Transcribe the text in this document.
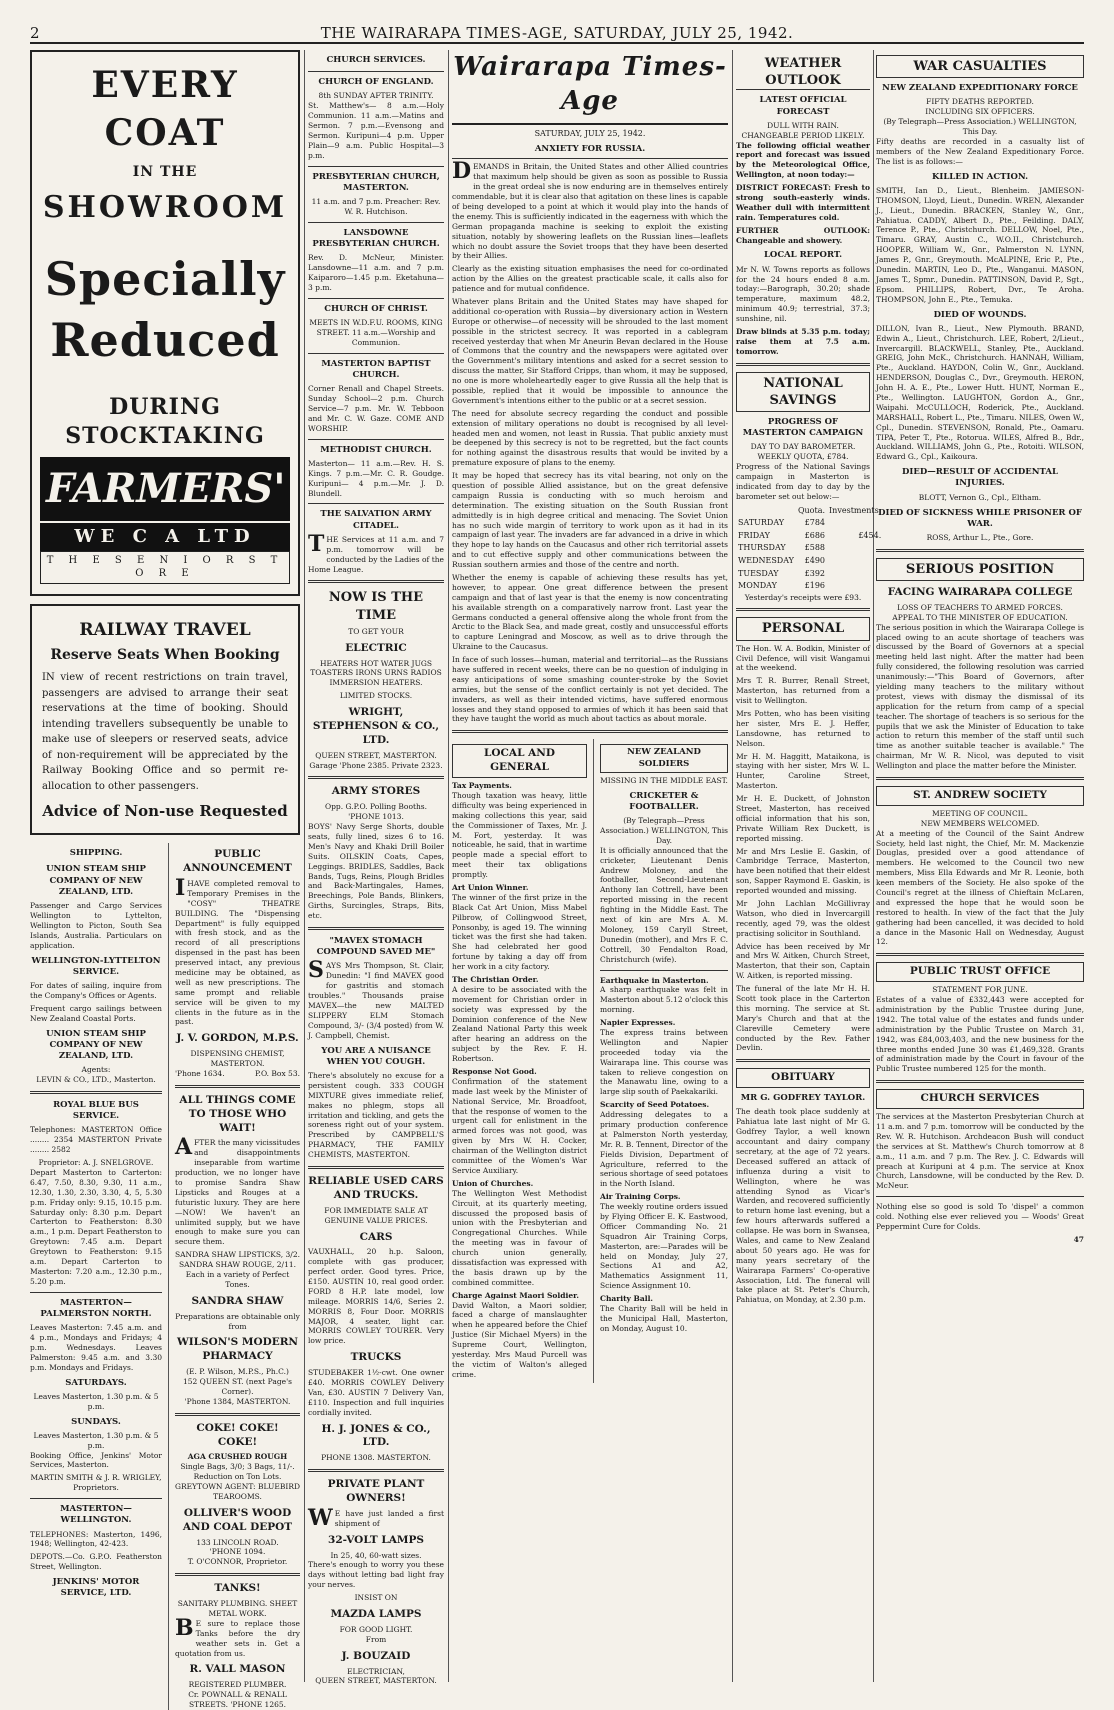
2	THE WAIRARAPA TIMES-AGE, SATURDAY, JULY 25, 1942.
EVERY COAT
IN THE
SHOWROOM
Specially
Reduced
DURING
STOCKTAKING
FARMERS'
WE C A LTD
T H E S E N I O R S T O R E
RAILWAY TRAVEL
Reserve Seats When Booking
IN view of recent restrictions on train travel, passengers are advised to arrange their seat reservations at the time of booking. Should intending travellers subsequently be unable to make use of sleepers or reserved seats, advice of non-requirement will be appreciated by the Railway Booking Office and so permit re-allocation to other passengers.
Advice of Non-use Requested
SHIPPING.
UNION STEAM SHIP COMPANY OF NEW ZEALAND, LTD.
Passenger and Cargo Services Wellington to Lyttelton, Wellington to Picton, South Sea Islands, Australia. Particulars on application.
WELLINGTON-LYTTELTON SERVICE.
For dates of sailing, inquire from the Company's Offices or Agents.
Frequent cargo sailings between New Zealand Coastal Ports.
UNION STEAM SHIP COMPANY OF NEW ZEALAND, LTD.
Agents:
LEVIN & CO., LTD., Masterton.
ROYAL BLUE BUS SERVICE.
Telephones: MASTERTON Office ........ 2354 MASTERTON Private ........ 2582
Proprietor: A. J. SNELGROVE.
Depart Masterton to Carterton: 6.47, 7.50, 8.30, 9.30, 11 a.m., 12.30, 1.30, 2.30, 3.30, 4, 5, 5.30 p.m. Friday only: 9.15, 10.15 p.m. Saturday only: 8.30 p.m. Depart Carterton to Featherston: 8.30 a.m., 1 p.m. Depart Featherston to Greytown: 7.45 a.m. Depart Greytown to Featherston: 9.15 a.m. Depart Carterton to Masterton: 7.20 a.m., 12.30 p.m., 5.20 p.m.
MASTERTON—PALMERSTON NORTH.
Leaves Masterton: 7.45 a.m. and 4 p.m., Mondays and Fridays; 4 p.m. Wednesdays. Leaves Palmerston: 9.45 a.m. and 3.30 p.m. Mondays and Fridays.
SATURDAYS.
Leaves Masterton, 1.30 p.m. & 5 p.m.
SUNDAYS.
Leaves Masterton, 1.30 p.m. & 5 p.m.
Booking Office, Jenkins' Motor Services, Masterton.
MARTIN SMITH & J. R. WRIGLEY, Proprietors.
MASTERTON—WELLINGTON.
TELEPHONES: Masterton, 1496, 1948; Wellington, 42-423.
DEPOTS.—Co. G.P.O. Featherston Street, Wellington.
JENKINS' MOTOR SERVICE, LTD.
PUBLIC ANNOUNCEMENT
IHAVE completed removal to Temporary Premises in the "COSY" THEATRE BUILDING. The "Dispensing Department" is fully equipped with fresh stock, and as the record of all prescriptions dispensed in the past has been preserved intact, any previous medicine may be obtained, as well as new prescriptions. The same prompt and reliable service will be given to my clients in the future as in the past.
J. V. GORDON, M.P.S.
DISPENSING CHEMIST, MASTERTON.
'Phone 1634.	P.O. Box 53.
ALL THINGS COME TO THOSE WHO WAIT!
AFTER the many vicissitudes and disappointments inseparable from wartime production, we no longer have to promise Sandra Shaw Lipsticks and Rouges at a futuristic luxury. They are here—NOW! We haven't an unlimited supply, but we have enough to make sure you can secure them.
SANDRA SHAW LIPSTICKS, 3/2.
SANDRA SHAW ROUGE, 2/11.
Each in a variety of Perfect Tones.
SANDRA SHAW
Preparations are obtainable only from
WILSON'S MODERN PHARMACY
(E. P. Wilson, M.P.S., Ph.C.)
152 QUEEN ST. (next Page's Corner).
'Phone 1384, MASTERTON.
COKE! COKE! COKE!
AGA CRUSHED ROUGH
Single Bags, 3/0; 3 Bags, 11/-.
Reduction on Ton Lots.
GREYTOWN AGENT: BLUEBIRD TEAROOMS.
OLLIVER'S WOOD AND COAL DEPOT
133 LINCOLN ROAD.
'PHONE 1094.
T. O'CONNOR, Proprietor.
TANKS!
SANITARY PLUMBING. SHEET METAL WORK.
BE sure to replace those Tanks before the dry weather sets in. Get a quotation from us.
R. VALL MASON
REGISTERED PLUMBER.
Cr. POWNALL & RENALL STREETS. 'PHONE 1265.
CHURCH SERVICES.
CHURCH OF ENGLAND.
8th SUNDAY AFTER TRINITY.
St. Matthew's— 8 a.m.—Holy Communion. 11 a.m.—Matins and Sermon. 7 p.m.—Evensong and Sermon. Kuripuni—4 p.m. Upper Plain—9 a.m. Public Hospital—3 p.m.
PRESBYTERIAN CHURCH, MASTERTON.
11 a.m. and 7 p.m. Preacher: Rev. W. R. Hutchison.
LANSDOWNE PRESBYTERIAN CHURCH.
Rev. D. McNeur, Minister. Lansdowne—11 a.m. and 7 p.m. Kaiparoro—1.45 p.m. Eketahuna—3 p.m.
CHURCH OF CHRIST.
MEETS IN W.D.F.U. ROOMS, KING STREET. 11 a.m.—Worship and Communion.
MASTERTON BAPTIST CHURCH.
Corner Renall and Chapel Streets. Sunday School—2 p.m. Church Service—7 p.m. Mr. W. Tebboon and Mr. C. W. Gaze. COME AND WORSHIP.
METHODIST CHURCH.
Masterton— 11 a.m.—Rev. H. S. Kings. 7 p.m.—Mr. C. R. Goudge. Kuripuni— 4 p.m.—Mr. J. D. Blundell.
THE SALVATION ARMY CITADEL.
THE Services at 11 a.m. and 7 p.m. tomorrow will be conducted by the Ladies of the Home League.
NOW IS THE TIME
TO GET YOUR
ELECTRIC
HEATERS HOT WATER JUGS TOASTERS IRONS URNS RADIOS IMMERSION HEATERS.
LIMITED STOCKS.
WRIGHT, STEPHENSON & CO., LTD.
QUEEN STREET, MASTERTON. Garage 'Phone 2385. Private 2323.
ARMY STORES
Opp. G.P.O. Polling Booths. 'PHONE 1013.
BOYS' Navy Serge Shorts, double seats, fully lined, sizes 6 to 16. Men's Navy and Khaki Drill Boiler Suits. OILSKIN Coats, Capes, Leggings. BRIDLES, Saddles, Back Bands, Tugs, Reins, Plough Bridles and Back-Martingales, Hames, Breechings, Pole Bands, Blinkers, Girths, Surcingles, Straps, Bits, etc.
"MAVEX STOMACH COMPOUND SAVED ME"
SAYS Mrs Thompson, St. Clair, Dunedin: "I find MAVEX good for gastritis and stomach troubles." Thousands praise MAVEX—the new MALTED SLIPPERY ELM Stomach Compound, 3/- (3/4 posted) from W. J. Campbell, Chemist.
YOU ARE A NUISANCE WHEN YOU COUGH.
There's absolutely no excuse for a persistent cough. 333 COUGH MIXTURE gives immediate relief, makes no phlegm, stops all irritation and tickling, and gets the soreness right out of your system. Prescribed by CAMPBELL'S PHARMACY, THE FAMILY CHEMISTS, MASTERTON.
RELIABLE USED CARS AND TRUCKS.
FOR IMMEDIATE SALE AT GENUINE VALUE PRICES.
CARS
VAUXHALL, 20 h.p. Saloon, complete with gas producer, perfect order. Good tyres. Price, £150. AUSTIN 10, real good order. FORD 8 H.P. late model, low mileage. MORRIS 14/6, Series 2. MORRIS 8, Four Door. MORRIS MAJOR, 4 seater, light car. MORRIS COWLEY TOURER. Very low price.
TRUCKS
STUDEBAKER 1½-cwt. One owner £40. MORRIS COWLEY Delivery Van, £30. AUSTIN 7 Delivery Van, £110. Inspection and full inquiries cordially invited.
H. J. JONES & CO., LTD.
PHONE 1308. MASTERTON.
PRIVATE PLANT OWNERS!
WE have just landed a first shipment of
32-VOLT LAMPS
In 25, 40, 60-watt sizes.
There's enough to worry you these days without letting bad light fray your nerves.
INSIST ON
MAZDA LAMPS
FOR GOOD LIGHT.
From
J. BOUZAID
ELECTRICIAN,
QUEEN STREET, MASTERTON.
Wairarapa Times-Age
SATURDAY, JULY 25, 1942.
ANXIETY FOR RUSSIA.

DEMANDS in Britain, the United States and other Allied countries that maximum help should be given as soon as possible to Russia in the great ordeal she is now enduring are in themselves entirely commendable, but it is clear also that agitation on these lines is capable of being developed to a point at which it would play into the hands of the enemy. This is sufficiently indicated in the eagerness with which the German propaganda machine is seeking to exploit the existing situation, notably by showering leaflets on the Russian lines—leaflets which no doubt assure the Soviet troops that they have been deserted by their Allies.

Clearly as the existing situation emphasises the need for co-ordinated action by the Allies on the greatest practicable scale, it calls also for patience and for mutual confidence.

Whatever plans Britain and the United States may have shaped for additional co-operation with Russia—by diversionary action in Western Europe or otherwise—of necessity will be shrouded to the last moment possible in the strictest secrecy. It was reported in a cablegram received yesterday that when Mr Aneurin Bevan declared in the House of Commons that the country and the newspapers were agitated over the Government's military intentions and asked for a secret session to discuss the matter, Sir Stafford Cripps, than whom, it may be supposed, no one is more wholeheartedly eager to give Russia all the help that is possible, replied that it would be impossible to announce the Government's intentions either to the public or at a secret session.

The need for absolute secrecy regarding the conduct and possible extension of military operations no doubt is recognised by all level-headed men and women, not least in Russia. That public anxiety must be deepened by this secrecy is not to be regretted, but the fact counts for nothing against the disastrous results that would be invited by a premature exposure of plans to the enemy.

It may be hoped that secrecy has its vital bearing, not only on the question of possible Allied assistance, but on the great defensive campaign Russia is conducting with so much heroism and determination. The existing situation on the South Russian front admittedly is in high degree critical and menacing. The Soviet Union has no such wide margin of territory to work upon as it had in its campaign of last year. The invaders are far advanced in a drive in which they hope to lay hands on the Caucasus and other rich territorial assets and to cut effective supply and other communications between the Russian southern armies and those of the centre and north.

Whether the enemy is capable of achieving these results has yet, however, to appear. One great difference between the present campaign and that of last year is that the enemy is now concentrating his available strength on a comparatively narrow front. Last year the Germans conducted a general offensive along the whole front from the Arctic to the Black Sea, and made great, costly and unsuccessful efforts to capture Leningrad and Moscow, as well as to drive through the Ukraine to the Caucasus.

In face of such losses—human, material and territorial—as the Russians have suffered in recent weeks, there can be no question of indulging in easy anticipations of some smashing counter-stroke by the Soviet armies, but the sense of the conflict certainly is not yet decided. The invaders, as well as their intended victims, have suffered enormous losses and they stand opposed to armies of which it has been said that they have taught the world as much about tactics as about morale.

LOCAL AND GENERAL
Tax Payments.
Though taxation was heavy, little difficulty was being experienced in making collections this year, said the Commissioner of Taxes, Mr. J. M. Fort, yesterday. It was noticeable, he said, that in wartime people made a special effort to meet their tax obligations promptly.
Art Union Winner.
The winner of the first prize in the Black Cat Art Union, Miss Mabel Pilbrow, of Collingwood Street, Ponsonby, is aged 19. The winning ticket was the first she had taken. She had celebrated her good fortune by taking a day off from her work in a city factory.
The Christian Order.
A desire to be associated with the movement for Christian order in society was expressed by the Dominion conference of the New Zealand National Party this week after hearing an address on the subject by the Rev. F. H. Robertson.
Response Not Good.
Confirmation of the statement made last week by the Minister of National Service, Mr. Broadfoot, that the response of women to the urgent call for enlistment in the armed forces was not good, was given by Mrs W. H. Cocker, chairman of the Wellington district committee of the Women's War Service Auxiliary.
Union of Churches.
The Wellington West Methodist Circuit, at its quarterly meeting, discussed the proposed basis of union with the Presbyterian and Congregational Churches. While the meeting was in favour of church union generally, dissatisfaction was expressed with the basis drawn up by the combined committee.
Charge Against Maori Soldier.
David Walton, a Maori soldier, faced a charge of manslaughter when he appeared before the Chief Justice (Sir Michael Myers) in the Supreme Court, Wellington, yesterday. Mrs Maud Purcell was the victim of Walton's alleged crime.
NEW ZEALAND SOLDIERS
MISSING IN THE MIDDLE EAST.
CRICKETER & FOOTBALLER.
(By Telegraph—Press Association.) WELLINGTON, This Day.
It is officially announced that the cricketer, Lieutenant Denis Andrew Moloney, and the footballer, Second-Lieutenant Anthony Ian Cottrell, have been reported missing in the recent fighting in the Middle East. The next of kin are Mrs A. M. Moloney, 159 Caryll Street, Dunedin (mother), and Mrs F. C. Cottrell, 30 Fendalton Road, Christchurch (wife).
Earthquake in Masterton.
A sharp earthquake was felt in Masterton about 5.12 o'clock this morning.
Napier Expresses.
The express trains between Wellington and Napier proceeded today via the Wairarapa line. This course was taken to relieve congestion on the Manawatu line, owing to a large slip south of Paekakariki.
Scarcity of Seed Potatoes.
Addressing delegates to a primary production conference at Palmerston North yesterday, Mr. R. B. Tennent, Director of the Fields Division, Department of Agriculture, referred to the serious shortage of seed potatoes in the North Island.
Air Training Corps.
The weekly routine orders issued by Flying Officer E. K. Eastwood, Officer Commanding No. 21 Squadron Air Training Corps, Masterton, are:—Parades will be held on Monday, July 27, Sections A1 and A2, Mathematics Assignment 11, Science Assignment 10.
Charity Ball.
The Charity Ball will be held in the Municipal Hall, Masterton, on Monday, August 10.
WEATHER OUTLOOK
LATEST OFFICIAL FORECAST
DULL WITH RAIN.
CHANGEABLE PERIOD LIKELY.
The following official weather report and forecast was issued by the Meteorological Office, Wellington, at noon today:—
DISTRICT FORECAST: Fresh to strong south-easterly winds. Weather dull with intermittent rain. Temperatures cold.
FURTHER OUTLOOK: Changeable and showery.
LOCAL REPORT.
Mr N. W. Towns reports as follows for the 24 hours ended 8 a.m. today:—Barograph, 30.20; shade temperature, maximum 48.2, minimum 40.9; terrestrial, 37.3; sunshine, nil.
Draw blinds at 5.35 p.m. today; raise them at 7.5 a.m. tomorrow.
NATIONAL SAVINGS
PROGRESS OF MASTERTON CAMPAIGN
DAY TO DAY BAROMETER.
WEEKLY QUOTA, £784.
Progress of the National Savings campaign in Masterton is indicated from day to day by the barometer set out below:—
	Quota.	Investments.
SATURDAY	£784	
FRIDAY	£686	£454.
THURSDAY	£588	
WEDNESDAY	£490	
TUESDAY	£392	
MONDAY	£196	
Yesterday's receipts were £93.
PERSONAL

The Hon. W. A. Bodkin, Minister of Civil Defence, will visit Wangamui at the weekend.

Mrs T. R. Burrer, Renall Street, Masterton, has returned from a visit to Wellington.

Mrs Potten, who has been visiting her sister, Mrs E. J. Heffer, Lansdowne, has returned to Nelson.

Mr H. M. Haggitt, Mataikona, is staying with her sister, Mrs W. L. Hunter, Caroline Street, Masterton.

Mr H. E. Duckett, of Johnston Street, Masterton, has received official information that his son, Private William Rex Duckett, is reported missing.

Mr and Mrs Leslie E. Gaskin, of Cambridge Terrace, Masterton, have been notified that their eldest son, Sapper Raymond E. Gaskin, is reported wounded and missing.

Mr John Lachlan McGillivray Watson, who died in Invercargill recently, aged 79, was the oldest practising solicitor in Southland.

Advice has been received by Mr and Mrs W. Aitken, Church Street, Masterton, that their son, Captain W. Aitken, is reported missing.

The funeral of the late Mr H. H. Scott took place in the Carterton this morning. The service at St. Mary's Church and that at the Clareville Cemetery were conducted by the Rev. Father Devlin.

OBITUARY
MR G. GODFREY TAYLOR.
The death took place suddenly at Pahiatua late last night of Mr G. Godfrey Taylor, a well known accountant and dairy company secretary, at the age of 72 years. Deceased suffered an attack of influenza during a visit to Wellington, where he was attending Synod as Vicar's Warden, and recovered sufficiently to return home last evening, but a few hours afterwards suffered a collapse. He was born in Swansea, Wales, and came to New Zealand about 50 years ago. He was for many years secretary of the Wairarapa Farmers' Co-operative Association, Ltd. The funeral will take place at St. Peter's Church, Pahiatua, on Monday, at 2.30 p.m.
WAR CASUALTIES
NEW ZEALAND EXPEDITIONARY FORCE
FIFTY DEATHS REPORTED.
INCLUDING SIX OFFICERS.
(By Telegraph—Press Association.) WELLINGTON, This Day.
Fifty deaths are recorded in a casualty list of members of the New Zealand Expeditionary Force. The list is as follows:—
KILLED IN ACTION.
SMITH, Ian D., Lieut., Blenheim. JAMIESON-THOMSON, Lloyd, Lieut., Dunedin. WREN, Alexander J., Lieut., Dunedin. BRACKEN, Stanley W., Gnr., Pahiatua. CADDY, Albert D., Pte., Feilding. DALY, Terence P., Pte., Christchurch. DELLOW, Noel, Pte., Timaru. GRAY, Austin C., W.O.II., Christchurch. HOOPER, William W., Gnr., Palmerston N. LYNN, James P., Gnr., Greymouth. McALPINE, Eric P., Pte., Dunedin. MARTIN, Leo D., Pte., Wanganui. MASON, James T., Spmr., Dunedin. PATTINSON, David P., Sgt., Epsom. PHILLIPS, Robert, Dvr., Te Aroha. THOMPSON, John E., Pte., Temuka.
DIED OF WOUNDS.
DILLON, Ivan R., Lieut., New Plymouth. BRAND, Edwin A., Lieut., Christchurch. LEE, Robert, 2/Lieut., Invercargill. BLACKWELL, Stanley, Pte., Auckland. GREIG, John McK., Christchurch. HANNAH, William, Pte., Auckland. HAYDON, Colin W., Gnr., Auckland. HENDERSON, Douglas C., Dvr., Greymouth. HERON, John H. A. E., Pte., Lower Hutt. HUNT, Norman E., Pte., Wellington. LAUGHTON, Gordon A., Gnr., Waipahi. McCULLOCH, Roderick, Pte., Auckland. MARSHALL, Robert L., Pte., Timaru. NILES, Owen W., Cpl., Dunedin. STEVENSON, Ronald, Pte., Oamaru. TIPA, Peter T., Pte., Rotorua. WILES, Alfred B., Bdr., Auckland. WILLIAMS, John G., Pte., Rotoiti. WILSON, Edward G., Cpl., Kaikoura.
DIED—RESULT OF ACCIDENTAL INJURIES.
BLOTT, Vernon G., Cpl., Eltham.
DIED OF SICKNESS WHILE PRISONER OF WAR.
ROSS, Arthur L., Pte., Gore.
SERIOUS POSITION
FACING WAIRARAPA COLLEGE
LOSS OF TEACHERS TO ARMED FORCES.
APPEAL TO THE MINISTER OF EDUCATION.
The serious position in which the Wairarapa College is placed owing to an acute shortage of teachers was discussed by the Board of Governors at a special meeting held last night. After the matter had been fully considered, the following resolution was carried unanimously:—"This Board of Governors, after yielding many teachers to the military without protest, views with dismay the dismissal of its application for the return from camp of a special teacher. The shortage of teachers is so serious for the pupils that we ask the Minister of Education to take action to return this member of the staff until such time as another suitable teacher is available." The chairman, Mr W. R. Nicol, was deputed to visit Wellington and place the matter before the Minister.
ST. ANDREW SOCIETY
MEETING OF COUNCIL.
NEW MEMBERS WELCOMED.
At a meeting of the Council of the Saint Andrew Society, held last night, the Chief, Mr. M. Mackenzie Douglas, presided over a good attendance of members. He welcomed to the Council two new members, Miss Ella Edwards and Mr R. Leonie, both keen members of the Society. He also spoke of the Council's regret at the illness of Chieftain McLaren, and expressed the hope that he would soon be restored to health. In view of the fact that the July gathering had been cancelled, it was decided to hold a dance in the Masonic Hall on Wednesday, August 12.
PUBLIC TRUST OFFICE
STATEMENT FOR JUNE.
Estates of a value of £332,443 were accepted for administration by the Public Trustee during June, 1942. The total value of the estates and funds under administration by the Public Trustee on March 31, 1942, was £84,003,403, and the new business for the three months ended June 30 was £1,469,328. Grants of administration made by the Court in favour of the Public Trustee numbered 125 for the month.
CHURCH SERVICES
The services at the Masterton Presbyterian Church at 11 a.m. and 7 p.m. tomorrow will be conducted by the Rev. W. R. Hutchison. Archdeacon Bush will conduct the services at St. Matthew's Church tomorrow at 8 a.m., 11 a.m. and 7 p.m. The Rev. J. C. Edwards will preach at Kuripuni at 4 p.m. The service at Knox Church, Lansdowne, will be conducted by the Rev. D. McNeur.
Nothing else so good is sold To 'dispel' a common cold. Nothing else ever relieved you — Woods' Great Peppermint Cure for Colds.
47
